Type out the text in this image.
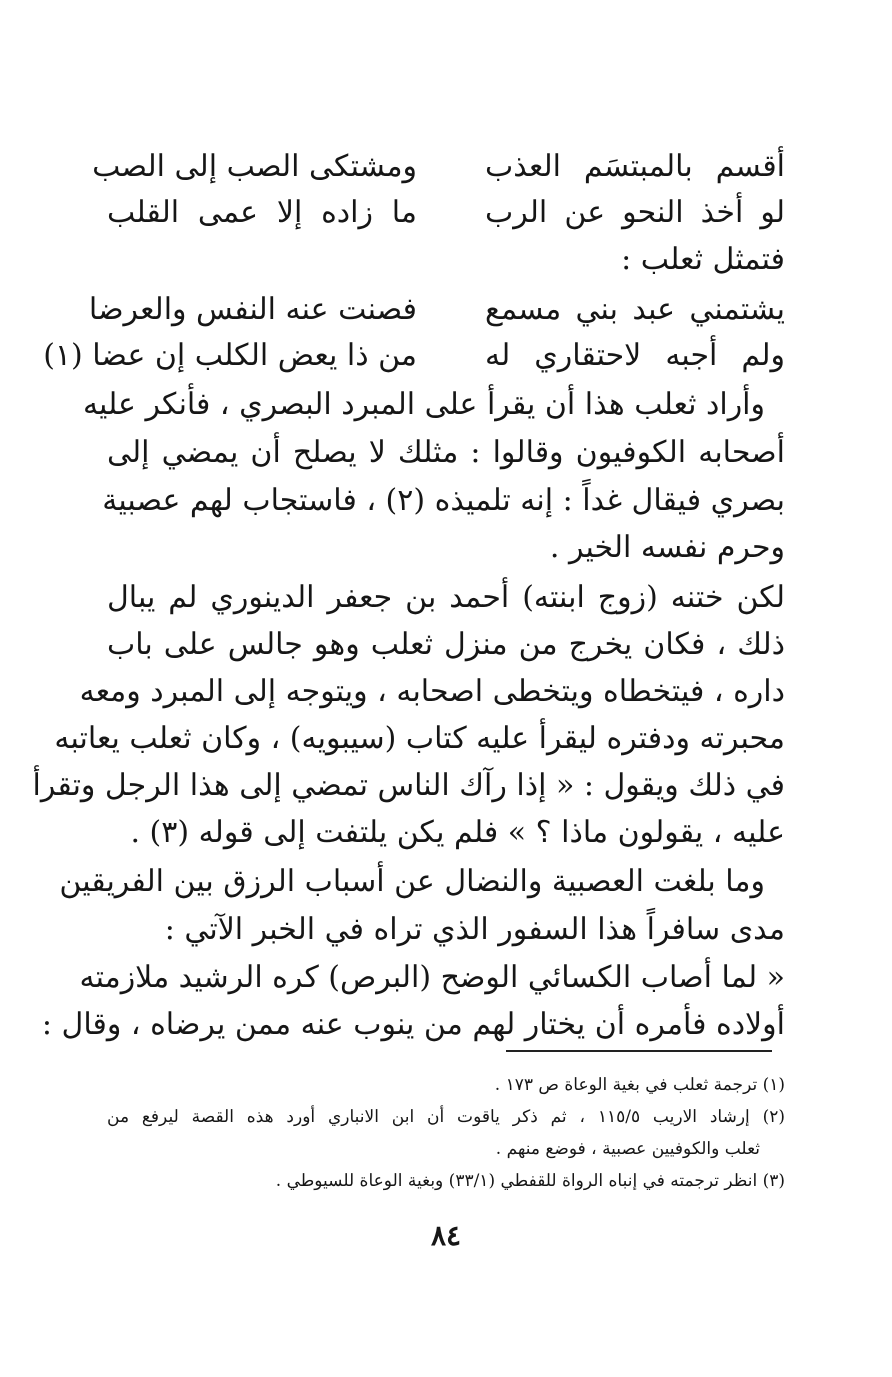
أقسم بالمبتسَم العذب
ومشتكى الصب إلى الصب
لو أخذ النحو عن الرب
ما زاده إلا عمى القلب
فتمثل ثعلب :
يشتمني عبد بني مسمع
فصنت عنه النفس والعرضا
ولم أجبه لاحتقاري له
من ذا يعض الكلب إن عضا (١)
وأراد ثعلب هذا أن يقرأ على المبرد البصري ، فأنكر عليه
أصحابه الكوفيون وقالوا : مثلك لا يصلح أن يمضي إلى
بصري فيقال غداً : إنه تلميذه (٢) ، فاستجاب لهم عصبية
وحرم نفسه الخير .
لكن ختنه (زوج ابنته) أحمد بن جعفر الدينوري لم يبال
ذلك ، فكان يخرج من منزل ثعلب وهو جالس على باب
داره ، فيتخطاه ويتخطى اصحابه ، ويتوجه إلى المبرد ومعه
محبرته ودفتره ليقرأ عليه كتاب (سيبويه) ، وكان ثعلب يعاتبه
في ذلك ويقول : « إذا رآك الناس تمضي إلى هذا الرجل وتقرأ
عليه ، يقولون ماذا ؟ » فلم يكن يلتفت إلى قوله (٣) .
وما بلغت العصبية والنضال عن أسباب الرزق بين الفريقين
مدى سافراً هذا السفور الذي تراه في الخبر الآتي :
« لما أصاب الكسائي الوضح (البرص) كره الرشيد ملازمته
أولاده فأمره أن يختار لهم من ينوب عنه ممن يرضاه ، وقال :
(١) ترجمة ثعلب في بغية الوعاة ص ١٧٣ .
(٢) إرشاد الاريب ١١٥/٥ ، ثم ذكر ياقوت أن ابن الانباري أورد هذه القصة ليرفع من
ثعلب والكوفيين عصبية ، فوضع منهم .
(٣) انظر ترجمته في إنباه الرواة للقفطي (٣٣/١) وبغية الوعاة للسيوطي .
٨٤
